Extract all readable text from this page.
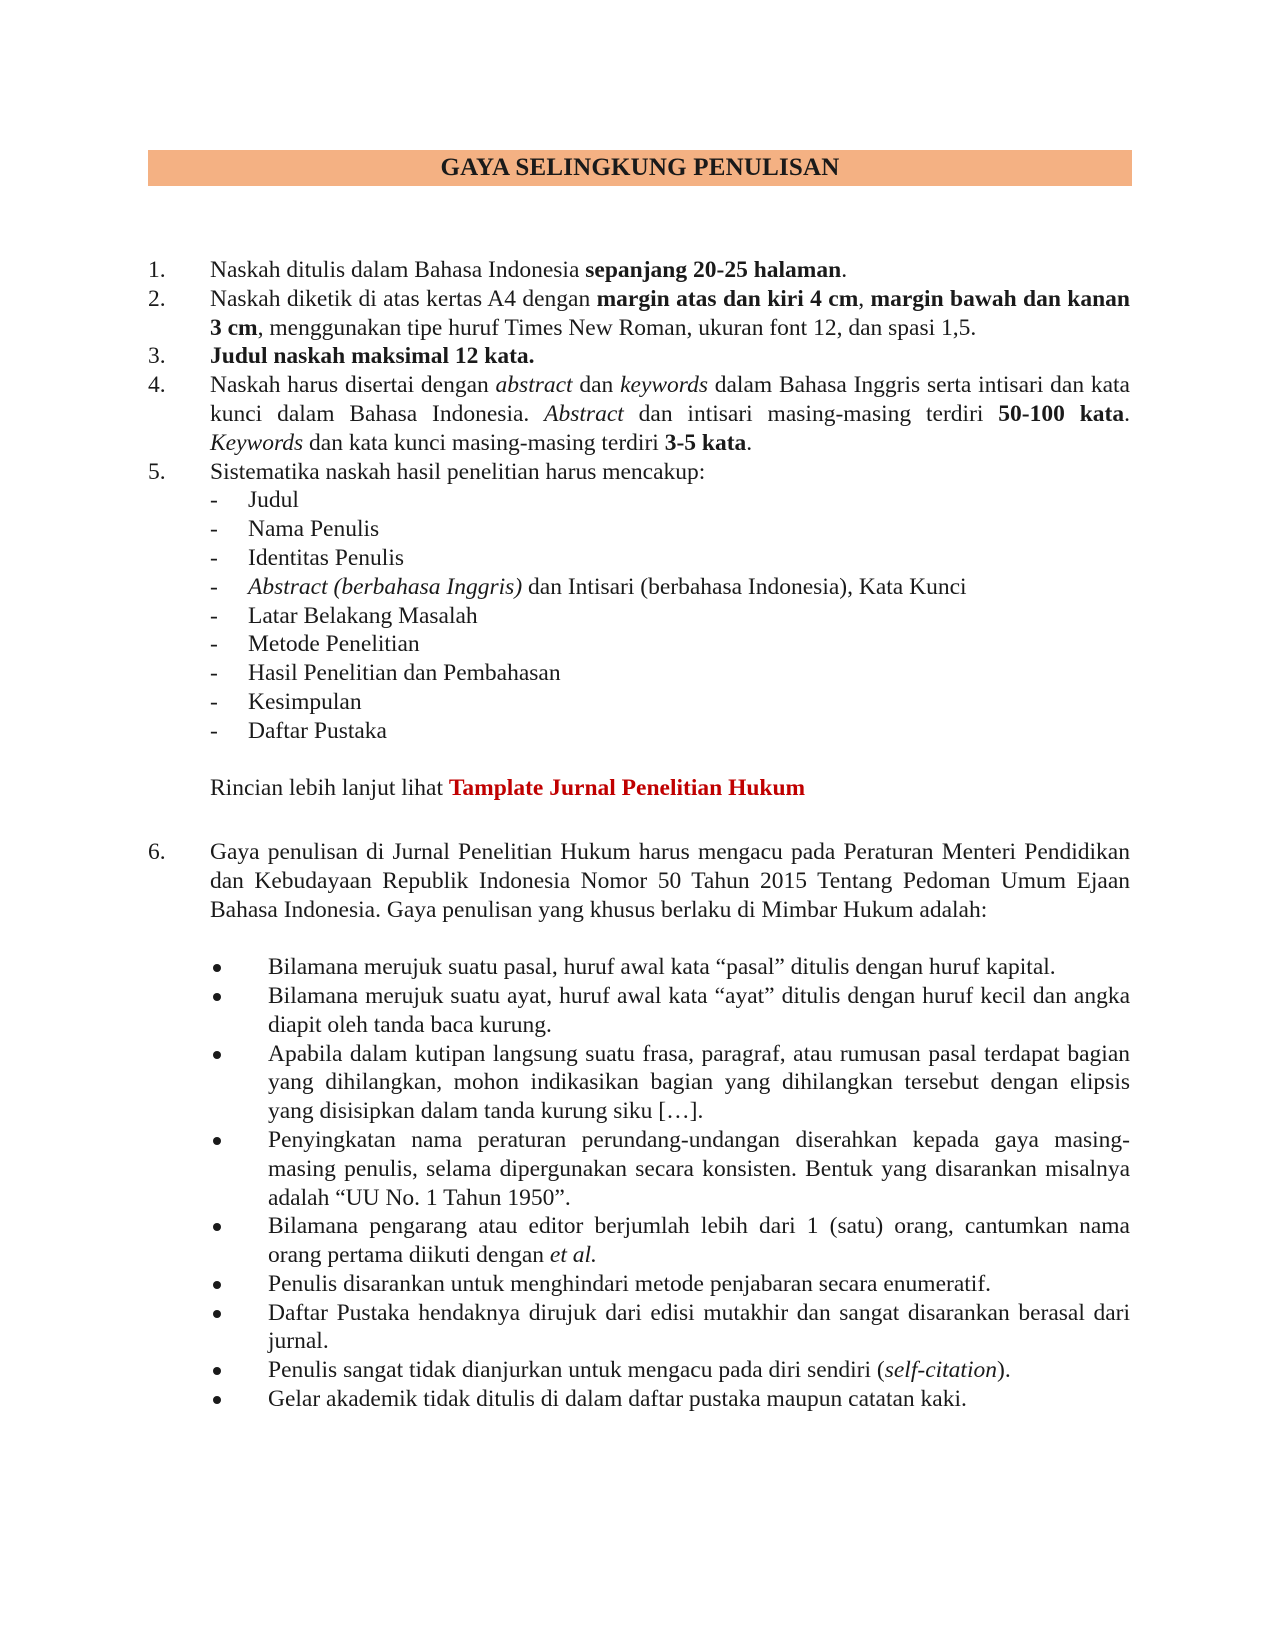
GAYA SELINGKUNG PENULISAN
1. Naskah ditulis dalam Bahasa Indonesia sepanjang 20-25 halaman.
2. Naskah diketik di atas kertas A4 dengan margin atas dan kiri 4 cm, margin bawah dan kanan 3 cm, menggunakan tipe huruf Times New Roman, ukuran font 12, dan spasi 1,5.
3. Judul naskah maksimal 12 kata.
4. Naskah harus disertai dengan abstract dan keywords dalam Bahasa Inggris serta intisari dan kata kunci dalam Bahasa Indonesia. Abstract dan intisari masing-masing terdiri 50-100 kata. Keywords dan kata kunci masing-masing terdiri 3-5 kata.
5. Sistematika naskah hasil penelitian harus mencakup:
- Judul
- Nama Penulis
- Identitas Penulis
- Abstract (berbahasa Inggris) dan Intisari (berbahasa Indonesia), Kata Kunci
- Latar Belakang Masalah
- Metode Penelitian
- Hasil Penelitian dan Pembahasan
- Kesimpulan
- Daftar Pustaka
Rincian lebih lanjut lihat Tamplate Jurnal Penelitian Hukum
6. Gaya penulisan di Jurnal Penelitian Hukum harus mengacu pada Peraturan Menteri Pendidikan dan Kebudayaan Republik Indonesia Nomor 50 Tahun 2015 Tentang Pedoman Umum Ejaan Bahasa Indonesia. Gaya penulisan yang khusus berlaku di Mimbar Hukum adalah:
Bilamana merujuk suatu pasal, huruf awal kata “pasal” ditulis dengan huruf kapital.
Bilamana merujuk suatu ayat, huruf awal kata “ayat” ditulis dengan huruf kecil dan angka diapit oleh tanda baca kurung.
Apabila dalam kutipan langsung suatu frasa, paragraf, atau rumusan pasal terdapat bagian yang dihilangkan, mohon indikasikan bagian yang dihilangkan tersebut dengan elipsis yang disisipkan dalam tanda kurung siku […].
Penyingkatan nama peraturan perundang-undangan diserahkan kepada gaya masing-masing penulis, selama dipergunakan secara konsisten. Bentuk yang disarankan misalnya adalah “UU No. 1 Tahun 1950”.
Bilamana pengarang atau editor berjumlah lebih dari 1 (satu) orang, cantumkan nama orang pertama diikuti dengan et al.
Penulis disarankan untuk menghindari metode penjabaran secara enumeratif.
Daftar Pustaka hendaknya dirujuk dari edisi mutakhir dan sangat disarankan berasal dari jurnal.
Penulis sangat tidak dianjurkan untuk mengacu pada diri sendiri (self-citation).
Gelar akademik tidak ditulis di dalam daftar pustaka maupun catatan kaki.
